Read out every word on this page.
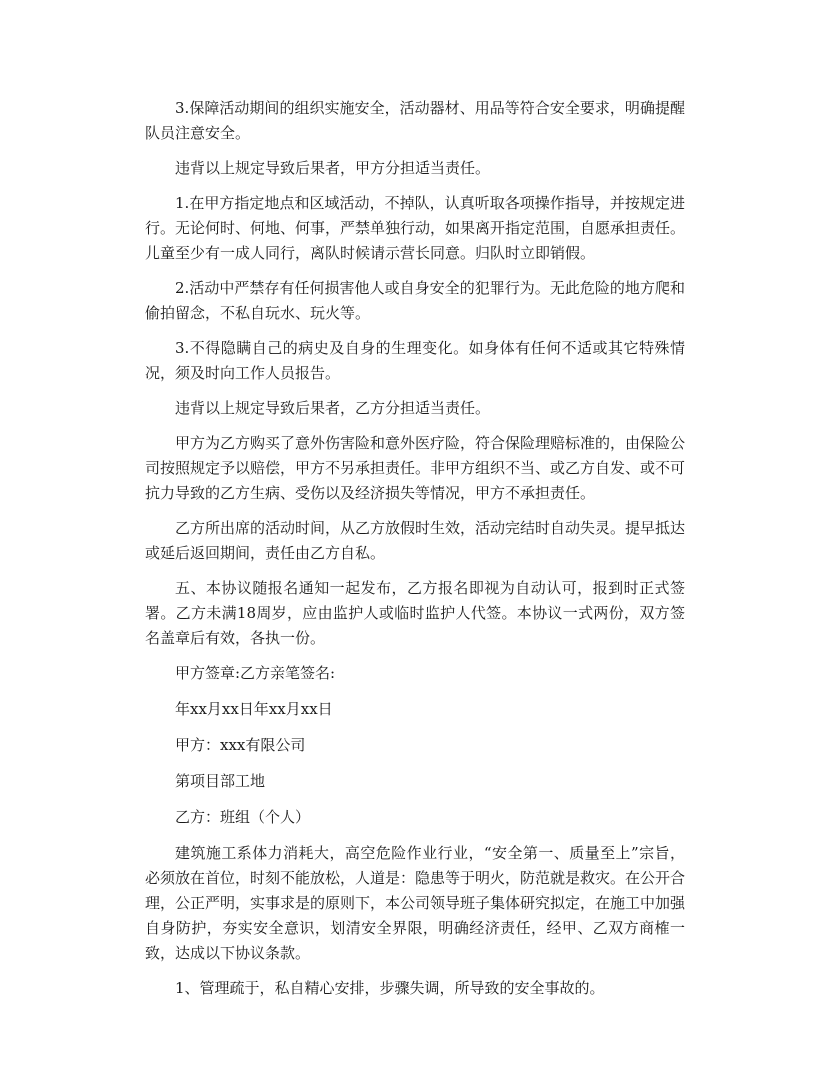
3.保障活动期间的组织实施安全，活动器材、用品等符合安全要求，明确提醒队员注意安全。

违背以上规定导致后果者，甲方分担适当责任。

1.在甲方指定地点和区域活动，不掉队，认真听取各项操作指导，并按规定进行。无论何时、何地、何事，严禁单独行动，如果离开指定范围，自愿承担责任。儿童至少有一成人同行，离队时候请示营长同意。归队时立即销假。

2.活动中严禁存有任何损害他人或自身安全的犯罪行为。无此危险的地方爬和偷拍留念，不私自玩水、玩火等。

3.不得隐瞒自己的病史及自身的生理变化。如身体有任何不适或其它特殊情况，须及时向工作人员报告。

违背以上规定导致后果者，乙方分担适当责任。

甲方为乙方购买了意外伤害险和意外医疗险，符合保险理赔标准的，由保险公司按照规定予以赔偿，甲方不另承担责任。非甲方组织不当、或乙方自发、或不可抗力导致的乙方生病、受伤以及经济损失等情况，甲方不承担责任。

乙方所出席的活动时间，从乙方放假时生效，活动完结时自动失灵。提早抵达或延后返回期间，责任由乙方自私。

五、本协议随报名通知一起发布，乙方报名即视为自动认可，报到时正式签署。乙方未满18周岁，应由监护人或临时监护人代签。本协议一式两份，双方签名盖章后有效，各执一份。

甲方签章:乙方亲笔签名:

年xx月xx日年xx月xx日

甲方：xxx有限公司

第项目部工地

乙方：班组（个人）

建筑施工系体力消耗大，高空危险作业行业，“安全第一、质量至上”宗旨，必须放在首位，时刻不能放松，人道是：隐患等于明火，防范就是救灾。在公开合理，公正严明，实事求是的原则下，本公司领导班子集体研究拟定，在施工中加强自身防护，夯实安全意识，划清安全界限，明确经济责任，经甲、乙双方商榷一致，达成以下协议条款。

1、管理疏于，私自精心安排，步骤失调，所导致的安全事故的。
